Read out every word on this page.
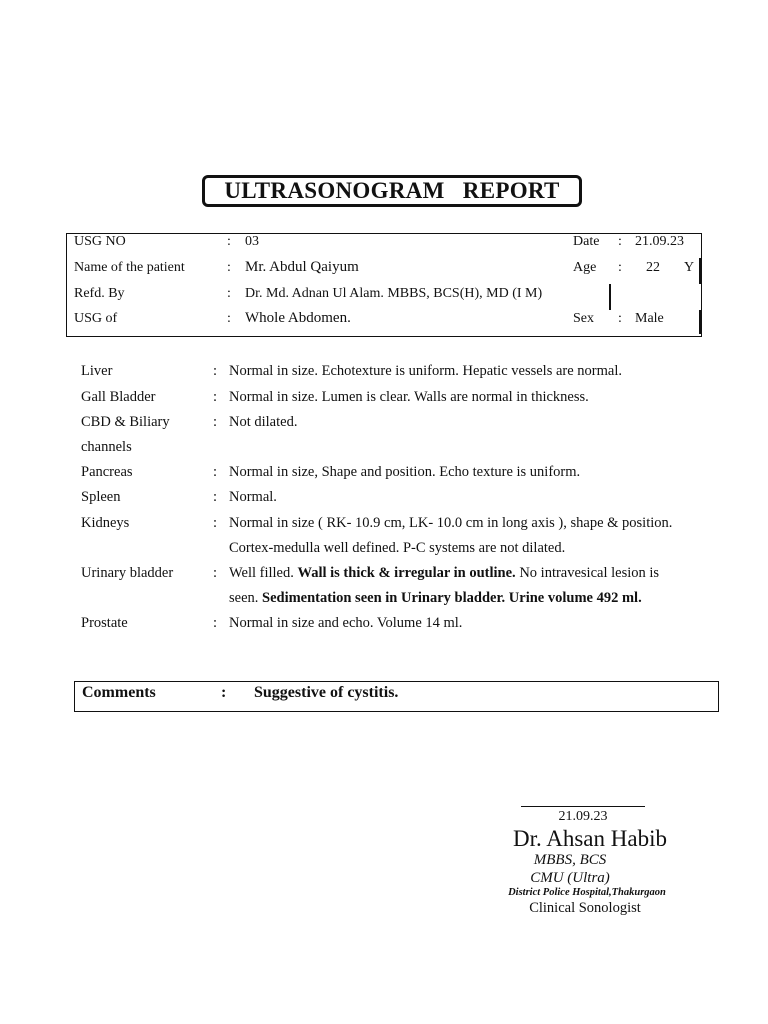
ULTRASONOGRAM   REPORT
USG NO	: 03	Date : 21.09.23
Name of the patient	: Mr. Abdul Qaiyum	Age : 22 Y
Refd. By	: Dr. Md. Adnan Ul Alam. MBBS, BCS(H), MD (I M)
USG of	: Whole Abdomen.	Sex : Male
Liver	: Normal in size. Echotexture is uniform. Hepatic vessels are normal.
Gall Bladder	: Normal in size. Lumen is clear. Walls are normal in thickness.
CBD & Biliary	: Not dilated.
channels
Pancreas	: Normal in size, Shape and position. Echo texture is uniform.
Spleen	: Normal.
Kidneys	: Normal in size ( RK- 10.9 cm, LK- 10.0 cm in long axis ), shape & position.
Cortex-medulla well defined. P-C systems are not dilated.
Urinary bladder	: Well filled. Wall is thick & irregular in outline. No intravesical lesion is
seen. Sedimentation seen in Urinary bladder. Urine volume 492 ml.
Prostate	: Normal in size and echo. Volume 14 ml.
Comments	: Suggestive of cystitis.
21.09.23
Dr. Ahsan Habib
MBBS, BCS
CMU (Ultra)
District Police Hospital,Thakurgaon
Clinical Sonologist
